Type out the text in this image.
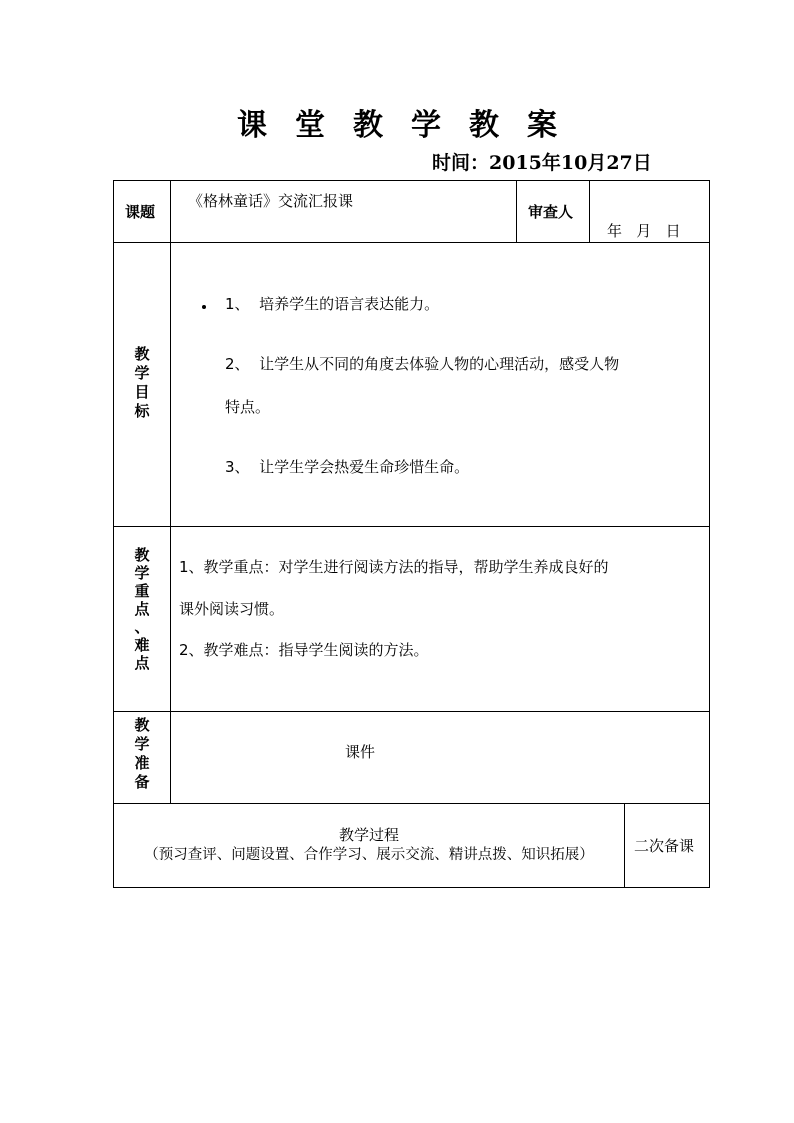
课 堂 教 学 教 案
时间：2015年10月27日
课题
《格林童话》交流汇报课
审查人
年   月   日
教
学
目
标
1、  培养学生的语言表达能力。
2、  让学生从不同的角度去体验人物的心理活动，感受人物
特点。
3、  让学生学会热爱生命珍惜生命。
教
学
重
点
、
难
点
1、教学重点：对学生进行阅读方法的指导，帮助学生养成良好的
课外阅读习惯。
2、教学难点：指导学生阅读的方法。
教
学
准
备
课件
教学过程
（预习查评、问题设置、合作学习、展示交流、精讲点拨、知识拓展）	二次备课
